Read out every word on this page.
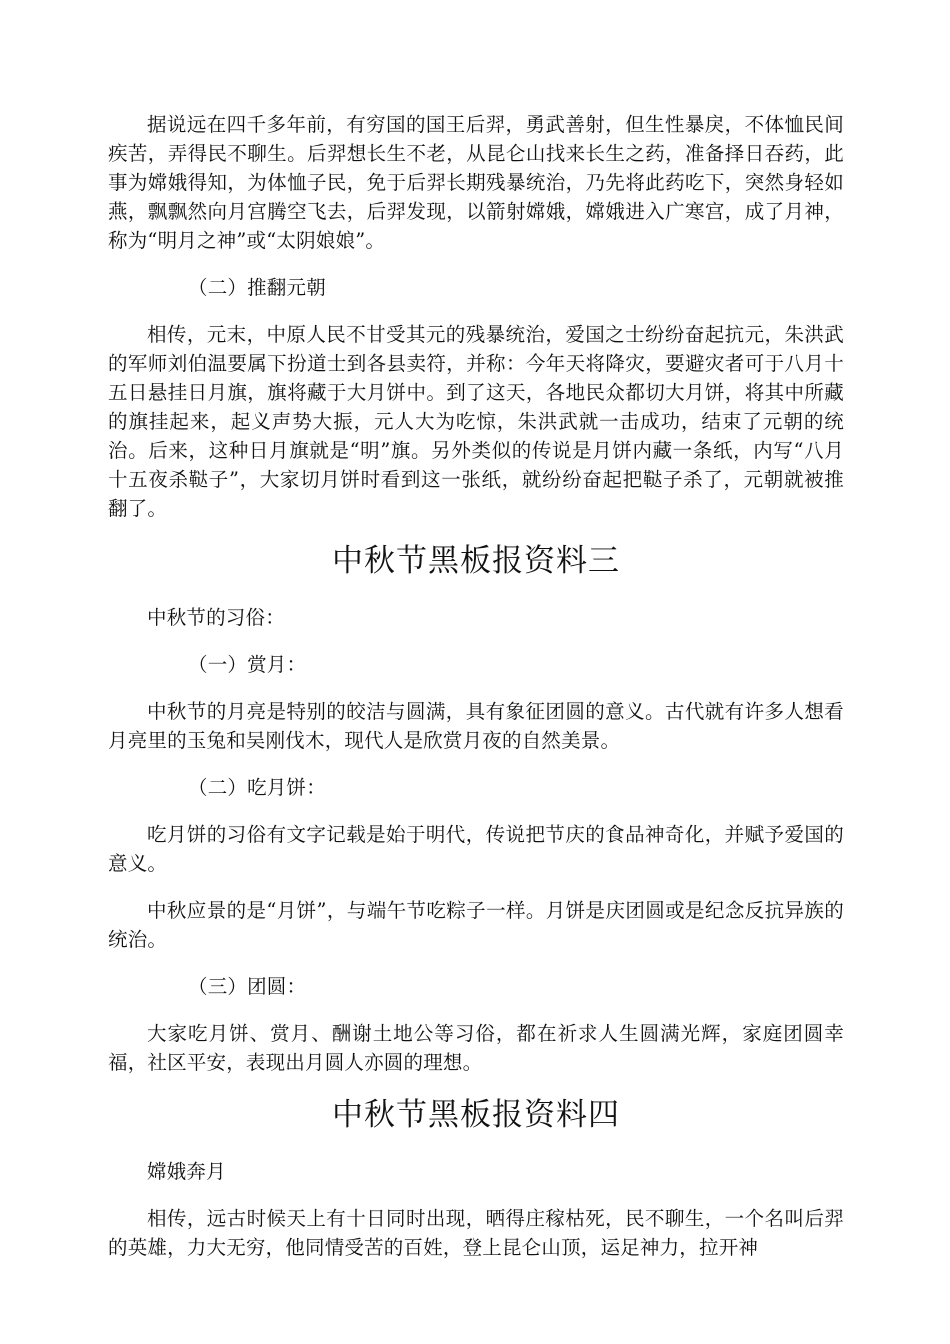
据说远在四千多年前，有穷国的国王后羿，勇武善射，但生性暴戾，不体恤民间疾苦，弄得民不聊生。后羿想长生不老，从昆仑山找来长生之药，准备择日吞药，此事为嫦娥得知，为体恤子民，免于后羿长期残暴统治，乃先将此药吃下，突然身轻如燕，飘飘然向月宫腾空飞去，后羿发现，以箭射嫦娥，嫦娥进入广寒宫，成了月神，称为“明月之神”或“太阴娘娘”。

（二）推翻元朝

相传，元末，中原人民不甘受其元的残暴统治，爱国之士纷纷奋起抗元，朱洪武的军师刘伯温要属下扮道士到各县卖符，并称：今年天将降灾，要避灾者可于八月十五日悬挂日月旗，旗将藏于大月饼中。到了这天，各地民众都切大月饼，将其中所藏的旗挂起来，起义声势大振，元人大为吃惊，朱洪武就一击成功，结束了元朝的统治。后来，这种日月旗就是“明”旗。另外类似的传说是月饼内藏一条纸，内写“八月十五夜杀鞑子”，大家切月饼时看到这一张纸，就纷纷奋起把鞑子杀了，元朝就被推翻了。

中秋节黑板报资料三

中秋节的习俗：

（一）赏月：

中秋节的月亮是特别的皎洁与圆满，具有象征团圆的意义。古代就有许多人想看月亮里的玉兔和吴刚伐木，现代人是欣赏月夜的自然美景。

（二）吃月饼：

吃月饼的习俗有文字记载是始于明代，传说把节庆的食品神奇化，并赋予爱国的意义。

中秋应景的是“月饼”，与端午节吃粽子一样。月饼是庆团圆或是纪念反抗异族的统治。

（三）团圆：

大家吃月饼、赏月、酬谢土地公等习俗，都在祈求人生圆满光辉，家庭团圆幸福，社区平安，表现出月圆人亦圆的理想。

中秋节黑板报资料四

嫦娥奔月

相传，远古时候天上有十日同时出现，晒得庄稼枯死，民不聊生，一个名叫后羿的英雄，力大无穷，他同情受苦的百姓，登上昆仑山顶，运足神力，拉开神
